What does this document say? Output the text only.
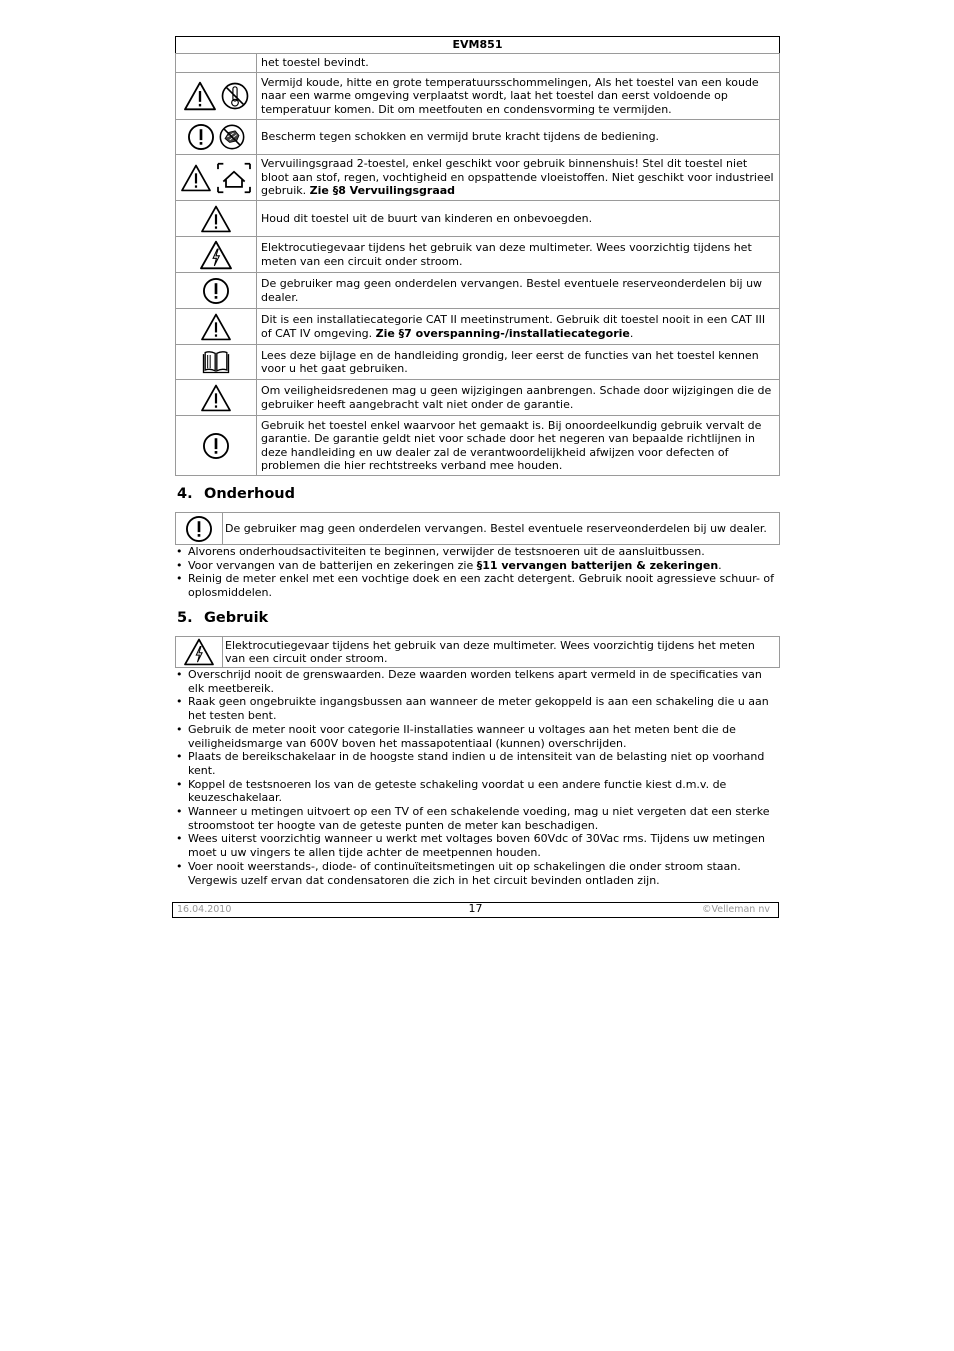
EVM851
	het toestel bevindt.

	Vermijd koude, hitte en grote temperatuursschommelingen, Als het toestel van een koude naar een warme omgeving verplaatst wordt, laat het toestel dan eerst voldoende op temperatuur komen. Dit om meetfouten en condensvorming te vermijden.

	Bescherm tegen schokken en vermijd brute kracht tijdens de bediening.

	Vervuilingsgraad 2-toestel, enkel geschikt voor gebruik binnenshuis! Stel dit toestel niet bloot aan stof, regen, vochtigheid en opspattende vloeistoffen. Niet geschikt voor industrieel gebruik. Zie §8 Vervuilingsgraad

	Houd dit toestel uit de buurt van kinderen en onbevoegden.

	Elektrocutiegevaar tijdens het gebruik van deze multimeter. Wees voorzichtig tijdens het meten van een circuit onder stroom.

	De gebruiker mag geen onderdelen vervangen. Bestel eventuele reserveonderdelen bij uw dealer.

	Dit is een installatiecategorie CAT II meetinstrument. Gebruik dit toestel nooit in een CAT III of CAT IV omgeving. Zie §7 overspanning-/installatiecategorie.

	Lees deze bijlage en de handleiding grondig, leer eerst de functies van het toestel kennen voor u het gaat gebruiken.

	Om veiligheidsredenen mag u geen wijzigingen aanbrengen. Schade door wijzigingen die de gebruiker heeft aangebracht valt niet onder de garantie.

	Gebruik het toestel enkel waarvoor het gemaakt is. Bij onoordeelkundig gebruik vervalt de garantie. De garantie geldt niet voor schade door het negeren van bepaalde richtlijnen in deze handleiding en uw dealer zal de verantwoordelijkheid afwijzen voor defecten of problemen die hier rechtstreeks verband mee houden.
4. Onderhoud
	De gebruiker mag geen onderdelen vervangen. Bestel eventuele reserveonderdelen bij uw dealer.
• Alvorens onderhoudsactiviteiten te beginnen, verwijder de testsnoeren uit de aansluitbussen.
• Voor vervangen van de batterijen en zekeringen zie §11 vervangen batterijen & zekeringen.
• Reinig de meter enkel met een vochtige doek en een zacht detergent. Gebruik nooit agressieve schuur- of oplosmiddelen.
5. Gebruik
	Elektrocutiegevaar tijdens het gebruik van deze multimeter. Wees voorzichtig tijdens het meten van een circuit onder stroom.
• Overschrijd nooit de grenswaarden. Deze waarden worden telkens apart vermeld in de specificaties van elk meetbereik.
• Raak geen ongebruikte ingangsbussen aan wanneer de meter gekoppeld is aan een schakeling die u aan het testen bent.
• Gebruik de meter nooit voor categorie II-installaties wanneer u voltages aan het meten bent die de veiligheidsmarge van 600V boven het massapotentiaal (kunnen) overschrijden.
• Plaats de bereikschakelaar in de hoogste stand indien u de intensiteit van de belasting niet op voorhand kent.
• Koppel de testsnoeren los van de geteste schakeling voordat u een andere functie kiest d.m.v. de keuzeschakelaar.
• Wanneer u metingen uitvoert op een TV of een schakelende voeding, mag u niet vergeten dat een sterke stroomstoot ter hoogte van de geteste punten de meter kan beschadigen.
• Wees uiterst voorzichtig wanneer u werkt met voltages boven 60Vdc of 30Vac rms. Tijdens uw metingen moet u uw vingers te allen tijde achter de meetpennen houden.
• Voer nooit weerstands-, diode- of continuïteitsmetingen uit op schakelingen die onder stroom staan. Vergewis uzelf ervan dat condensatoren die zich in het circuit bevinden ontladen zijn.
16.04.2010	17	©Velleman nv
